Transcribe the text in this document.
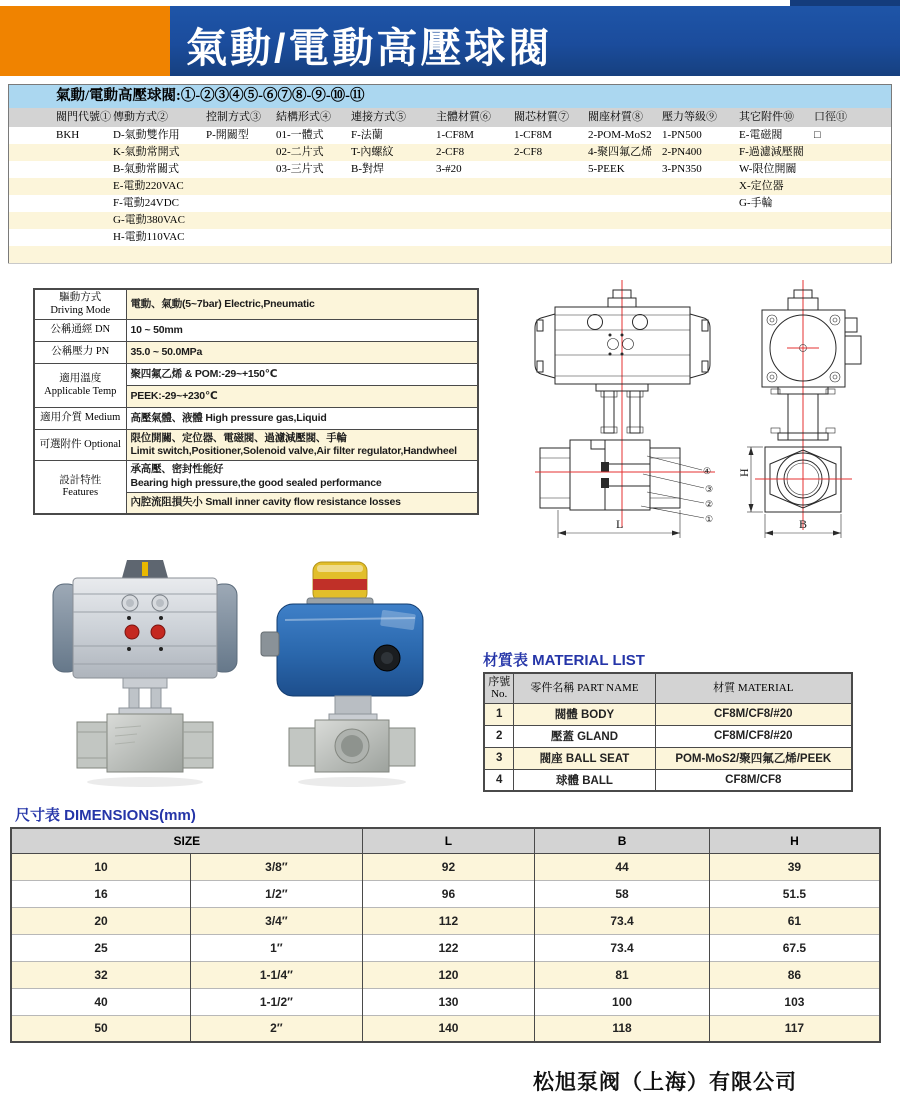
氣動/電動高壓球閥
氣動/電動高壓球閥:①-②③④⑤-⑥⑦⑧-⑨-⑩-⑪
閥門代號①	傳動方式②	控制方式③	結構形式④	連接方式⑤	主體材質⑥	閥芯材質⑦	閥座材質⑧	壓力等級⑨	其它附件⑩	口徑⑪
BKH	D-氣動雙作用	P-開關型	01-一體式	F-法蘭	1-CF8M	1-CF8M	2-POM-MoS2	1-PN500	E-電磁閥	□
	K-氣動常開式		02-二片式	T-內螺紋	2-CF8	2-CF8	4-聚四氟乙烯	2-PN400	F-過濾減壓閥	
	B-氣動常關式		03-三片式	B-對焊	3-#20		5-PEEK	3-PN350	W-限位開關	
	E-電動220VAC								X-定位器	
	F-電動24VDC								G-手輪	
	G-電動380VAC									
	H-電動110VAC									

驅動方式
Driving Mode	電動、氣動(5~7bar) Electric,Pneumatic

公稱通經 DN	10 ~ 50mm

公稱壓力 PN	35.0 ~ 50.0MPa

適用溫度
Applicable Temp	聚四氟乙烯 & POM:-29~+150℃

	PEEK:-29~+230℃

適用介質 Medium	高壓氣體、液體 High pressure gas,Liquid

可選附件 Optional	限位開關、定位器、電磁閥、過濾減壓閥、手輪
Limit switch,Positioner,Solenoid valve,Air filter regulator,Handwheel

設計特性
Features	承高壓、密封性能好
Bearing high pressure,the good sealed performance

	內腔流阻損失小 Small inner cavity flow resistance losses
L
④
③
②
①
H
B
材質表 MATERIAL LIST
序號
No.	零件名稱 PART NAME	材質 MATERIAL
1	閥體 BODY	CF8M/CF8/#20
2	壓蓋 GLAND	CF8M/CF8/#20
3	閥座 BALL SEAT	POM-MoS2/聚四氟乙烯/PEEK
4	球體 BALL	CF8M/CF8
尺寸表 DIMENSIONS(mm)
SIZE		L	B	H
10	3/8″	92	44	39
16	1/2″	96	58	51.5
20	3/4″	112	73.4	61
25	1″	122	73.4	67.5
32	1-1/4″	120	81	86
40	1-1/2″	130	100	103
50	2″	140	118	117
松旭泵阀（上海）有限公司
